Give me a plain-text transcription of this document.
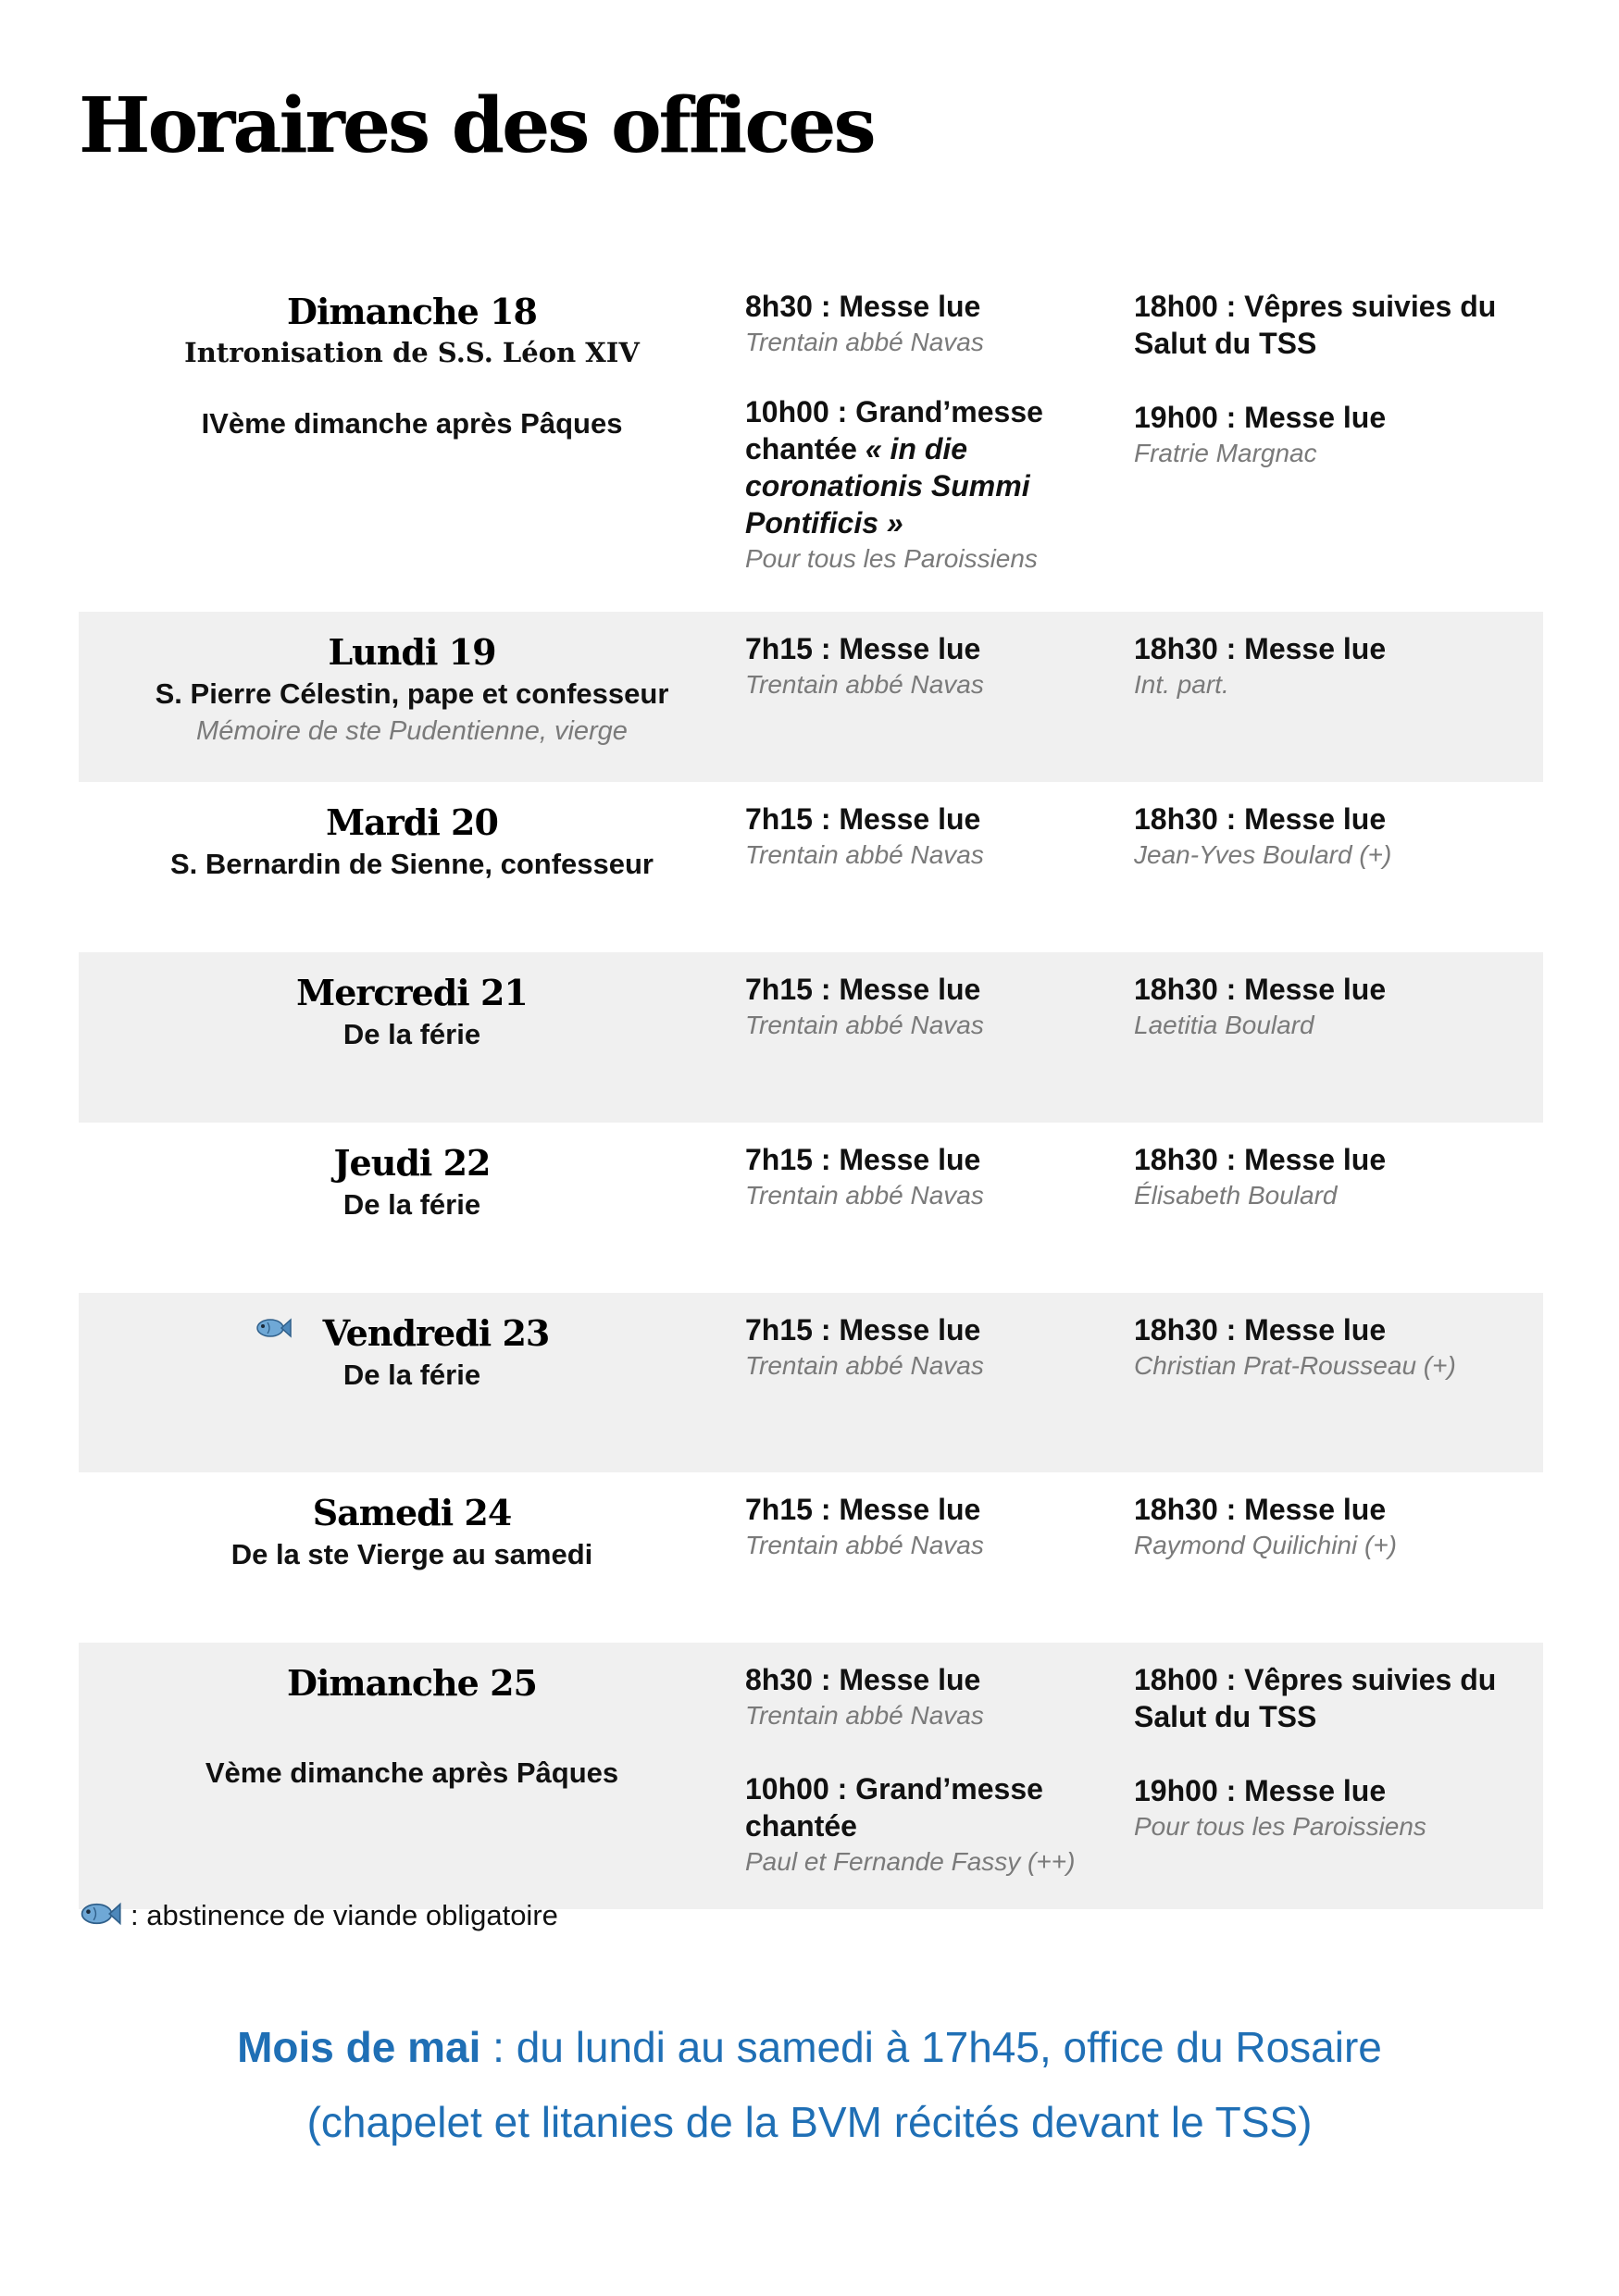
Horaires des offices
Dimanche 18
Intronisation de S.S. Léon XIV
IVème dimanche après Pâques
8h30 : Messe lue
Trentain abbé Navas
10h00 : Grand’messe chantée « in die coronationis Summi Pontificis »
Pour tous les Paroissiens
18h00 : Vêpres suivies du Salut du TSS
19h00 : Messe lue
Fratrie Margnac
Lundi 19
S. Pierre Célestin, pape et confesseur
Mémoire de ste Pudentienne, vierge
7h15 : Messe lue
Trentain abbé Navas
18h30 : Messe lue
Int. part.
Mardi 20
S. Bernardin de Sienne, confesseur
7h15 : Messe lue
Trentain abbé Navas
18h30 : Messe lue
Jean-Yves Boulard (+)
Mercredi 21
De la férie
7h15 : Messe lue
Trentain abbé Navas
18h30 : Messe lue
Laetitia Boulard
Jeudi 22
De la férie
7h15 : Messe lue
Trentain abbé Navas
18h30 : Messe lue
Élisabeth Boulard
Vendredi 23
De la férie
7h15 : Messe lue
Trentain abbé Navas
18h30 : Messe lue
Christian Prat-Rousseau (+)
Samedi 24
De la ste Vierge au samedi
7h15 : Messe lue
Trentain abbé Navas
18h30 : Messe lue
Raymond Quilichini (+)
Dimanche 25
Vème dimanche après Pâques
8h30 : Messe lue
Trentain abbé Navas
10h00 : Grand’messe chantée
Paul et Fernande Fassy (++)
18h00 : Vêpres suivies du Salut du TSS
19h00 : Messe lue
Pour tous les Paroissiens
: abstinence de viande obligatoire
Mois de mai : du lundi au samedi à 17h45, office du Rosaire
(chapelet et litanies de la BVM récités devant le TSS)
